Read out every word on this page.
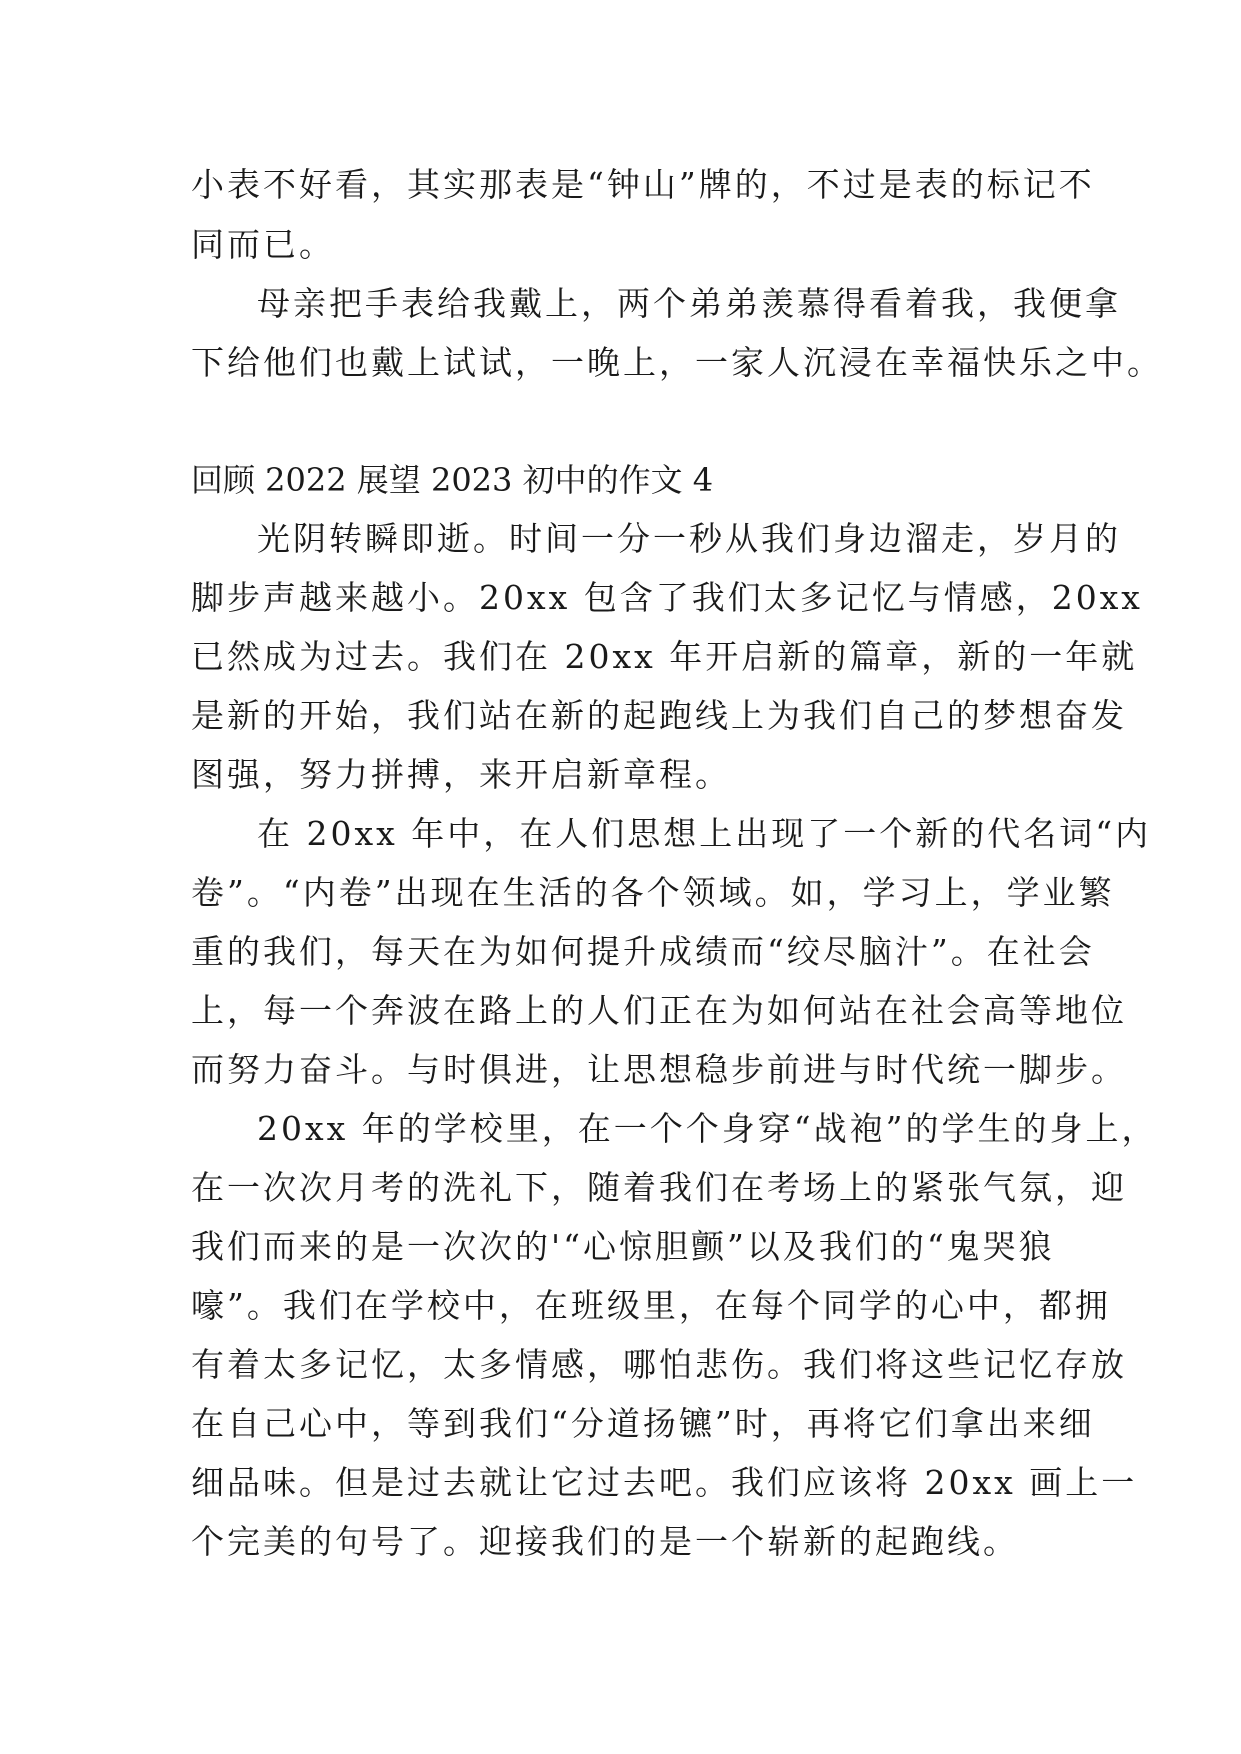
小表不好看，其实那表是“钟山”牌的，不过是表的标记不
同而已。
母亲把手表给我戴上，两个弟弟羡慕得看着我，我便拿
下给他们也戴上试试，一晚上，一家人沉浸在幸福快乐之中。
回顾 2022 展望 2023 初中的作文 4
光阴转瞬即逝。时间一分一秒从我们身边溜走，岁月的
脚步声越来越小。20xx 包含了我们太多记忆与情感，20xx
已然成为过去。我们在 20xx 年开启新的篇章，新的一年就
是新的开始，我们站在新的起跑线上为我们自己的梦想奋发
图强，努力拼搏，来开启新章程。
在 20xx 年中，在人们思想上出现了一个新的代名词“内
卷”。“内卷”出现在生活的各个领域。如，学习上，学业繁
重的我们，每天在为如何提升成绩而“绞尽脑汁”。在社会
上，每一个奔波在路上的人们正在为如何站在社会高等地位
而努力奋斗。与时俱进，让思想稳步前进与时代统一脚步。
20xx 年的学校里，在一个个身穿“战袍”的学生的身上，
在一次次月考的洗礼下，随着我们在考场上的紧张气氛，迎
我们而来的是一次次的'“心惊胆颤”以及我们的“鬼哭狼
嚎”。我们在学校中，在班级里，在每个同学的心中，都拥
有着太多记忆，太多情感，哪怕悲伤。我们将这些记忆存放
在自己心中，等到我们“分道扬镳”时，再将它们拿出来细
细品味。但是过去就让它过去吧。我们应该将 20xx 画上一
个完美的句号了。迎接我们的是一个崭新的起跑线。
